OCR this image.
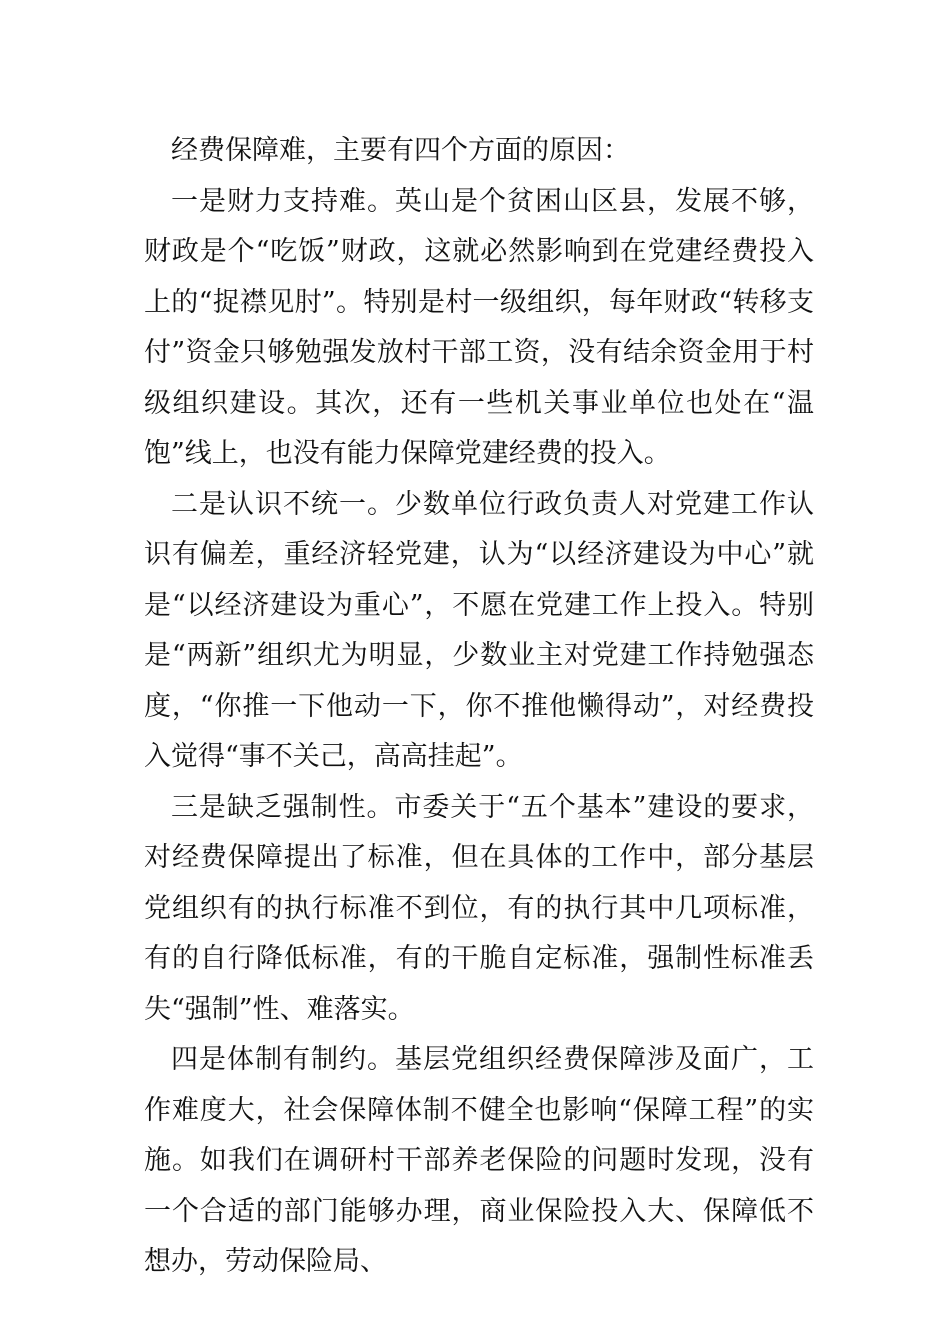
经费保障难，主要有四个方面的原因：

一是财力支持难。英山是个贫困山区县，发展不够，财政是个“吃饭”财政，这就必然影响到在党建经费投入上的“捉襟见肘”。特别是村一级组织，每年财政“转移支付”资金只够勉强发放村干部工资，没有结余资金用于村级组织建设。其次，还有一些机关事业单位也处在“温饱”线上，也没有能力保障党建经费的投入。

二是认识不统一。少数单位行政负责人对党建工作认识有偏差，重经济轻党建，认为“以经济建设为中心”就是“以经济建设为重心”，不愿在党建工作上投入。特别是“两新”组织尤为明显，少数业主对党建工作持勉强态度，“你推一下他动一下，你不推他懒得动”，对经费投入觉得“事不关己，高高挂起”。

三是缺乏强制性。市委关于“五个基本”建设的要求，对经费保障提出了标准，但在具体的工作中，部分基层党组织有的执行标准不到位，有的执行其中几项标准，有的自行降低标准，有的干脆自定标准，强制性标准丢失“强制”性、难落实。

四是体制有制约。基层党组织经费保障涉及面广，工作难度大，社会保障体制不健全也影响“保障工程”的实施。如我们在调研村干部养老保险的问题时发现，没有一个合适的部门能够办理，商业保险投入大、保障低不想办，劳动保险局、
